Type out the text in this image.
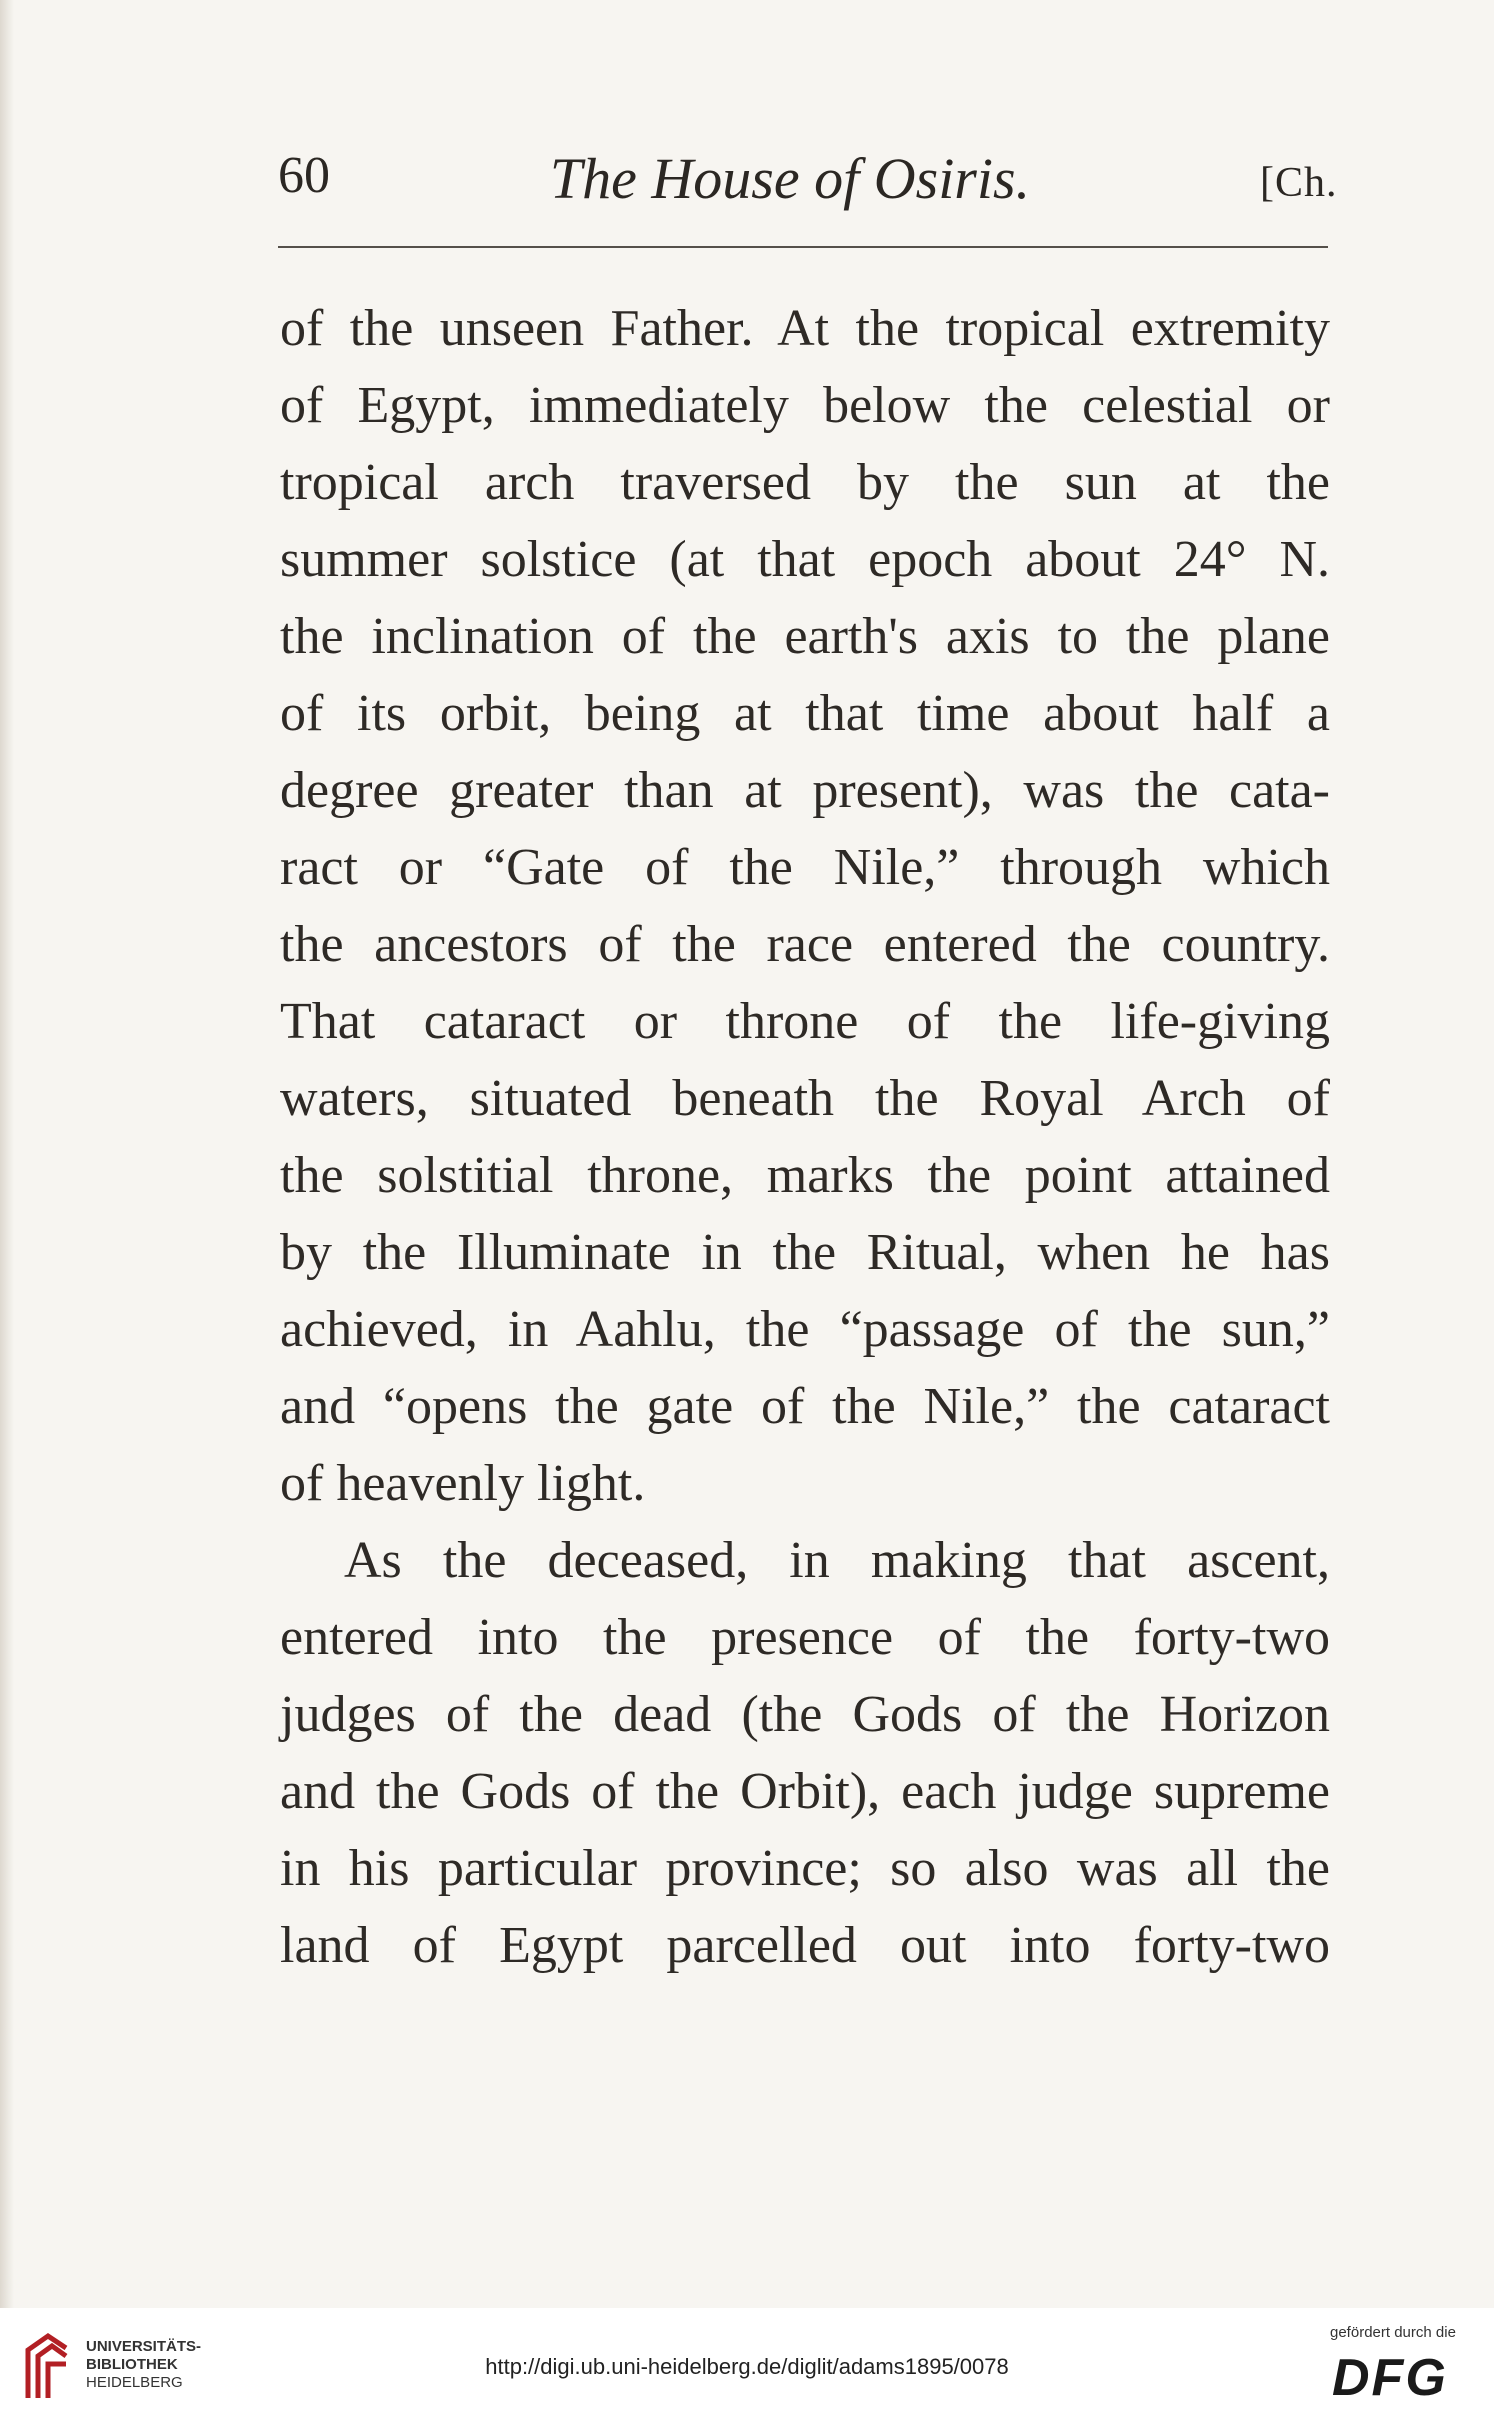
60	The House of Osiris.	[Ch.
of the unseen Father. At the tropical extremity
of Egypt, immediately below the celestial or
tropical arch traversed by the sun at the
summer solstice (at that epoch about 24° N.
the inclination of the earth's axis to the plane
of its orbit, being at that time about half a
degree greater than at present), was the cata-
ract or “Gate of the Nile,” through which
the ancestors of the race entered the country.
That cataract or throne of the life-giving
waters, situated beneath the Royal Arch of
the solstitial throne, marks the point attained
by the Illuminate in the Ritual, when he has
achieved, in Aahlu, the “passage of the sun,”
and “opens the gate of the Nile,” the cataract
of heavenly light.
As the deceased, in making that ascent,
entered into the presence of the forty-two
judges of the dead (the Gods of the Horizon
and the Gods of the Orbit), each judge supreme
in his particular province; so also was all the
land of Egypt parcelled out into forty-two
UNIVERSITÄTS-
BIBLIOTHEK
HEIDELBERG
http://digi.ub.uni-heidelberg.de/diglit/adams1895/0078
gefördert durch die
DFG
